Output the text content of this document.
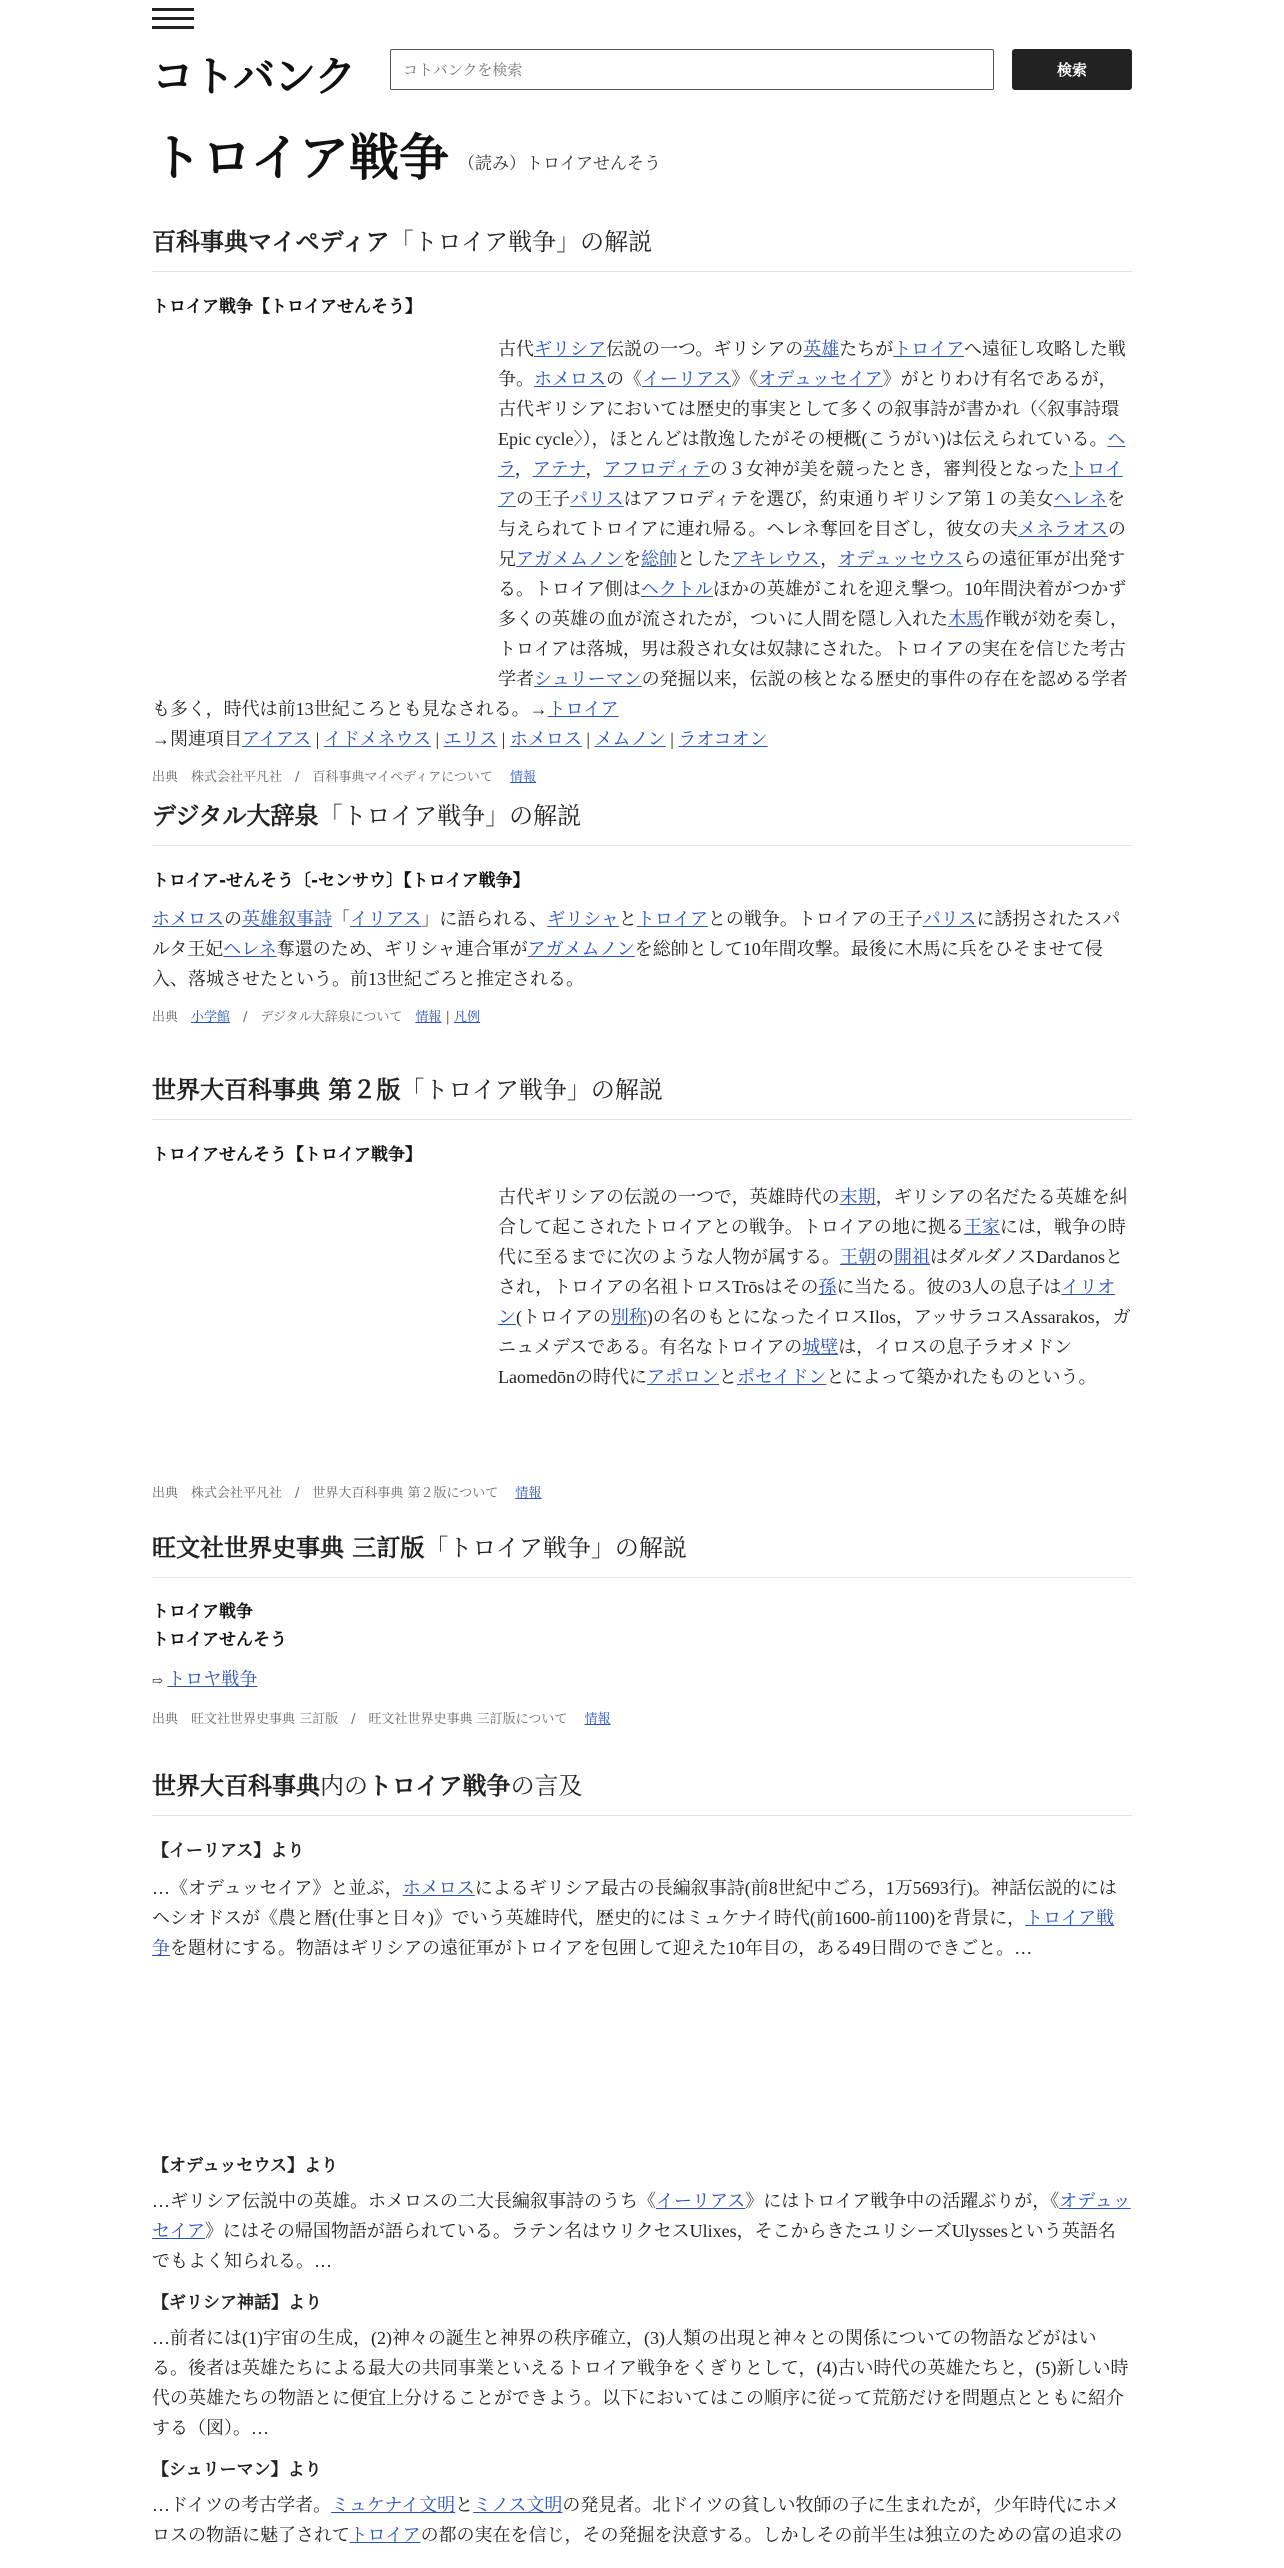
コトバンク
コトバンクを検索	検索
トロイア戦争 （読み）トロイアせんそう
百科事典マイペディア「トロイア戦争」の解説
トロイア戦争【トロイアせんそう】
古代ギリシア伝説の一つ。ギリシアの英雄たちがトロイアへ遠征し攻略した戦争。ホメロスの《イーリアス》《オデュッセイア》がとりわけ有名であるが，古代ギリシアにおいては歴史的事実として多くの叙事詩が書かれ（〈叙事詩環Epic cycle〉），ほとんどは散逸したがその梗概(こうがい)は伝えられている。ヘラ，アテナ，アフロディテの３女神が美を競ったとき，審判役となったトロイアの王子パリスはアフロディテを選び，約束通りギリシア第１の美女ヘレネを与えられてトロイアに連れ帰る。ヘレネ奪回を目ざし，彼女の夫メネラオスの兄アガメムノンを総帥としたアキレウス，オデュッセウスらの遠征軍が出発する。トロイア側はヘクトルほかの英雄がこれを迎え撃つ。10年間決着がつかず多くの英雄の血が流されたが，ついに人間を隠し入れた木馬作戦が効を奏し，トロイアは落城，男は殺され女は奴隷にされた。トロイアの実在を信じた考古学者シュリーマンの発掘以来，伝説の核となる歴史的事件の存在を認める学者も多く，時代は前13世紀ころとも見なされる。→トロイア
→関連項目アイアス | イドメネウス | エリス | ホメロス | メムノン | ラオコオン
出典　株式会社平凡社　/　百科事典マイペディアについて　 情報
デジタル大辞泉「トロイア戦争」の解説
トロイア-せんそう〔-センサウ〕【トロイア戦争】
ホメロスの英雄叙事詩「イリアス」に語られる、ギリシャとトロイアとの戦争。トロイアの王子パリスに誘拐されたスパルタ王妃ヘレネ奪還のため、ギリシャ連合軍がアガメムノンを総帥として10年間攻撃。最後に木馬に兵をひそませて侵入、落城させたという。前13世紀ごろと推定される。
出典　小学館　/　デジタル大辞泉について　情報 | 凡例
世界大百科事典 第２版「トロイア戦争」の解説
トロイアせんそう【トロイア戦争】
古代ギリシアの伝説の一つで，英雄時代の末期，ギリシアの名だたる英雄を糾合して起こされたトロイアとの戦争。トロイアの地に拠る王家には，戦争の時代に至るまでに次のような人物が属する。王朝の開祖はダルダノスDardanosとされ，トロイアの名祖トロスTrōsはその孫に当たる。彼の3人の息子はイリオン(トロイアの別称)の名のもとになったイロスIlos，アッサラコスAssarakos，ガニュメデスである。有名なトロイアの城壁は，イロスの息子ラオメドンLaomedōnの時代にアポロンとポセイドンとによって築かれたものという。
出典　株式会社平凡社　/　世界大百科事典 第２版について　 情報
旺文社世界史事典 三訂版「トロイア戦争」の解説
トロイア戦争
トロイアせんそう
⇨ トロヤ戦争
出典　旺文社世界史事典 三訂版　/　旺文社世界史事典 三訂版について　 情報
世界大百科事典内のトロイア戦争の言及
【イーリアス】より
…《オデュッセイア》と並ぶ，ホメロスによるギリシア最古の長編叙事詩(前8世紀中ごろ，1万5693行)。神話伝説的にはヘシオドスが《農と暦(仕事と日々)》でいう英雄時代，歴史的にはミュケナイ時代(前1600‐前1100)を背景に，トロイア戦争を題材にする。物語はギリシアの遠征軍がトロイアを包囲して迎えた10年目の，ある49日間のできごと。…
【オデュッセウス】より
…ギリシア伝説中の英雄。ホメロスの二大長編叙事詩のうち《イーリアス》にはトロイア戦争中の活躍ぶりが，《オデュッセイア》にはその帰国物語が語られている。ラテン名はウリクセスUlixes，そこからきたユリシーズUlyssesという英語名でもよく知られる。…
【ギリシア神話】より
…前者には(1)宇宙の生成，(2)神々の誕生と神界の秩序確立，(3)人類の出現と神々との関係についての物語などがはいる。後者は英雄たちによる最大の共同事業といえるトロイア戦争をくぎりとして，(4)古い時代の英雄たちと，(5)新しい時代の英雄たちの物語とに便宜上分けることができよう。以下においてはこの順序に従って荒筋だけを問題点とともに紹介する（図）。…
【シュリーマン】より
…ドイツの考古学者。ミュケナイ文明とミノス文明の発見者。北ドイツの貧しい牧師の子に生まれたが，少年時代にホメロスの物語に魅了されてトロイアの都の実在を信じ，その発掘を決意する。しかしその前半生は独立のための富の追求の
